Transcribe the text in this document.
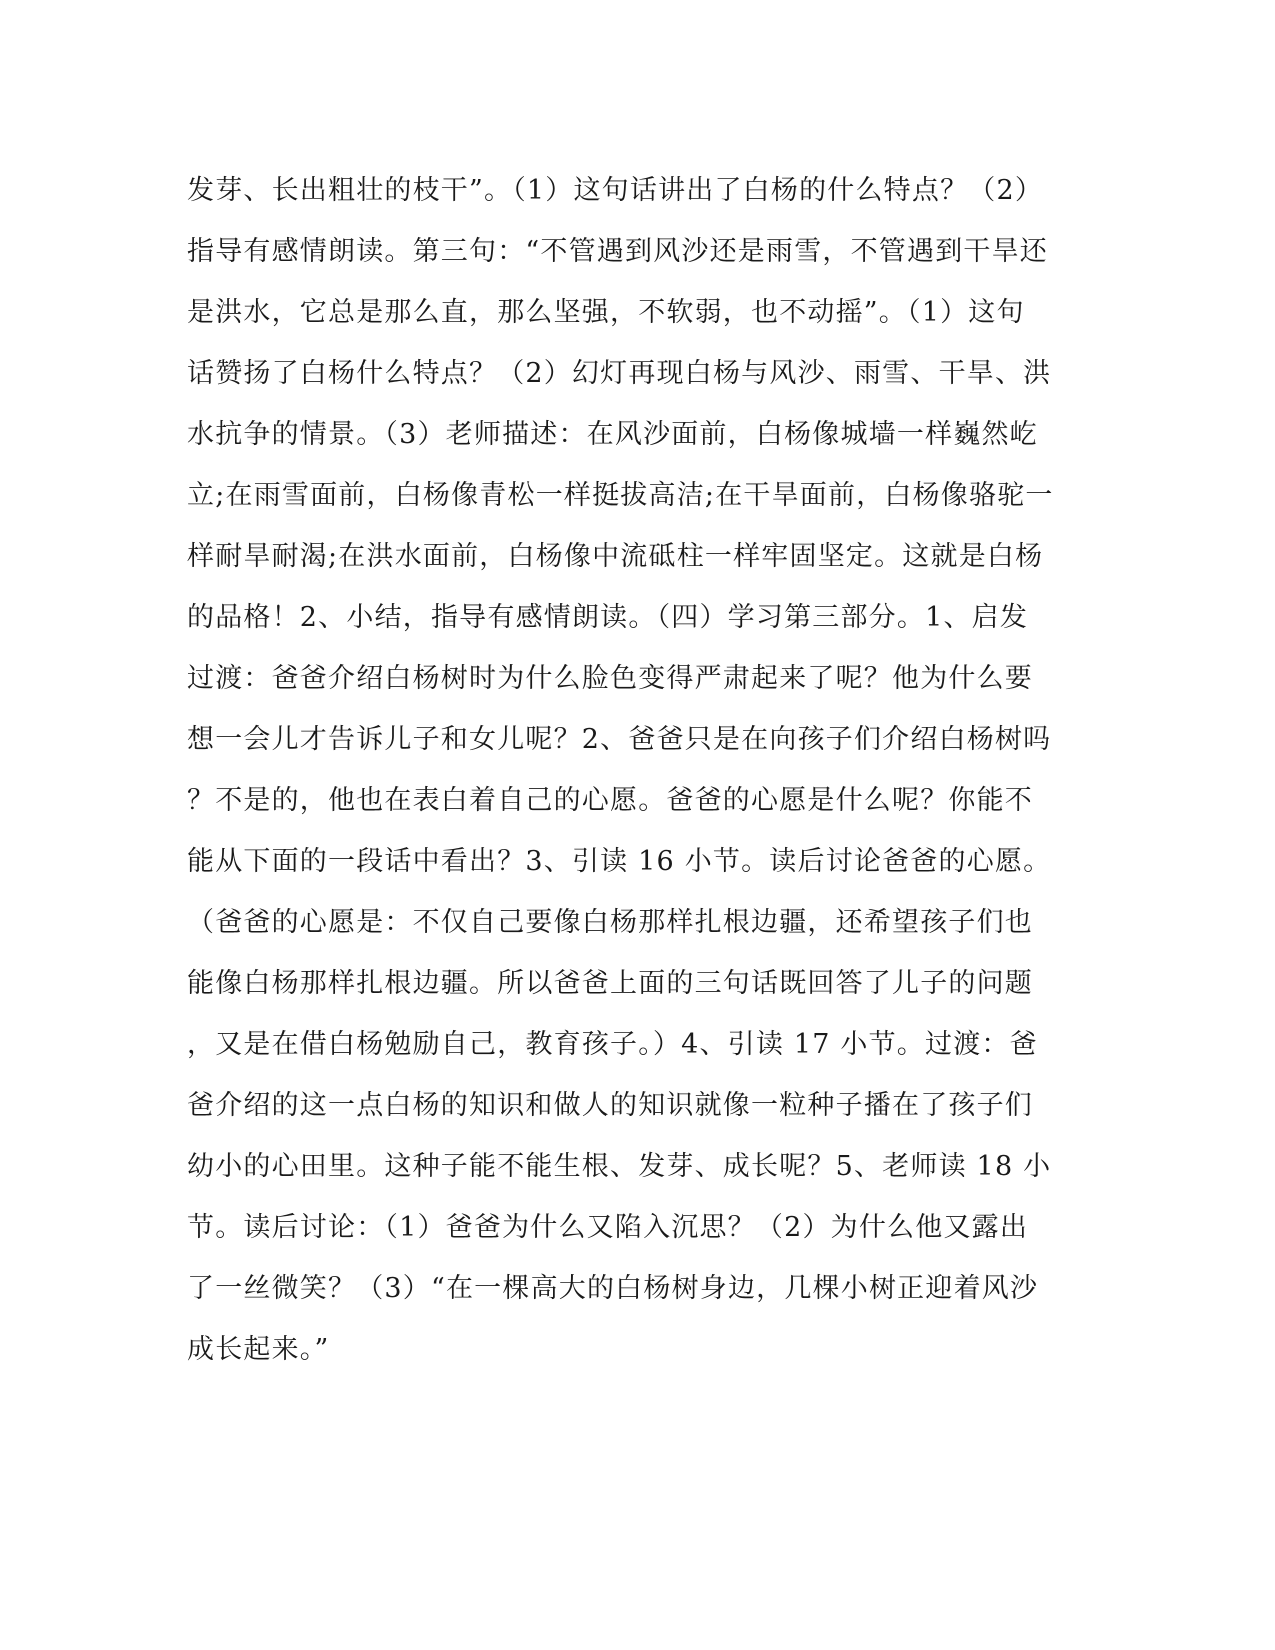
发芽、长出粗壮的枝干”。（1）这句话讲出了白杨的什么特点？（2）
指导有感情朗读。第三句：“不管遇到风沙还是雨雪，不管遇到干旱还
是洪水，它总是那么直，那么坚强，不软弱，也不动摇”。（1）这句
话赞扬了白杨什么特点？（2）幻灯再现白杨与风沙、雨雪、干旱、洪
水抗争的情景。（3）老师描述：在风沙面前，白杨像城墙一样巍然屹
立;在雨雪面前，白杨像青松一样挺拔高洁;在干旱面前，白杨像骆驼一
样耐旱耐渴;在洪水面前，白杨像中流砥柱一样牢固坚定。这就是白杨
的品格！2、小结，指导有感情朗读。（四）学习第三部分。1、启发
过渡：爸爸介绍白杨树时为什么脸色变得严肃起来了呢？他为什么要
想一会儿才告诉儿子和女儿呢？2、爸爸只是在向孩子们介绍白杨树吗
？不是的，他也在表白着自己的心愿。爸爸的心愿是什么呢？你能不
能从下面的一段话中看出？3、引读 16 小节。读后讨论爸爸的心愿。
（爸爸的心愿是：不仅自己要像白杨那样扎根边疆，还希望孩子们也
能像白杨那样扎根边疆。所以爸爸上面的三句话既回答了儿子的问题
，又是在借白杨勉励自己，教育孩子。）4、引读 17 小节。过渡：爸
爸介绍的这一点白杨的知识和做人的知识就像一粒种子播在了孩子们
幼小的心田里。这种子能不能生根、发芽、成长呢？5、老师读 18 小
节。读后讨论：（1）爸爸为什么又陷入沉思？（2）为什么他又露出
了一丝微笑？（3）“在一棵高大的白杨树身边，几棵小树正迎着风沙
成长起来。”
